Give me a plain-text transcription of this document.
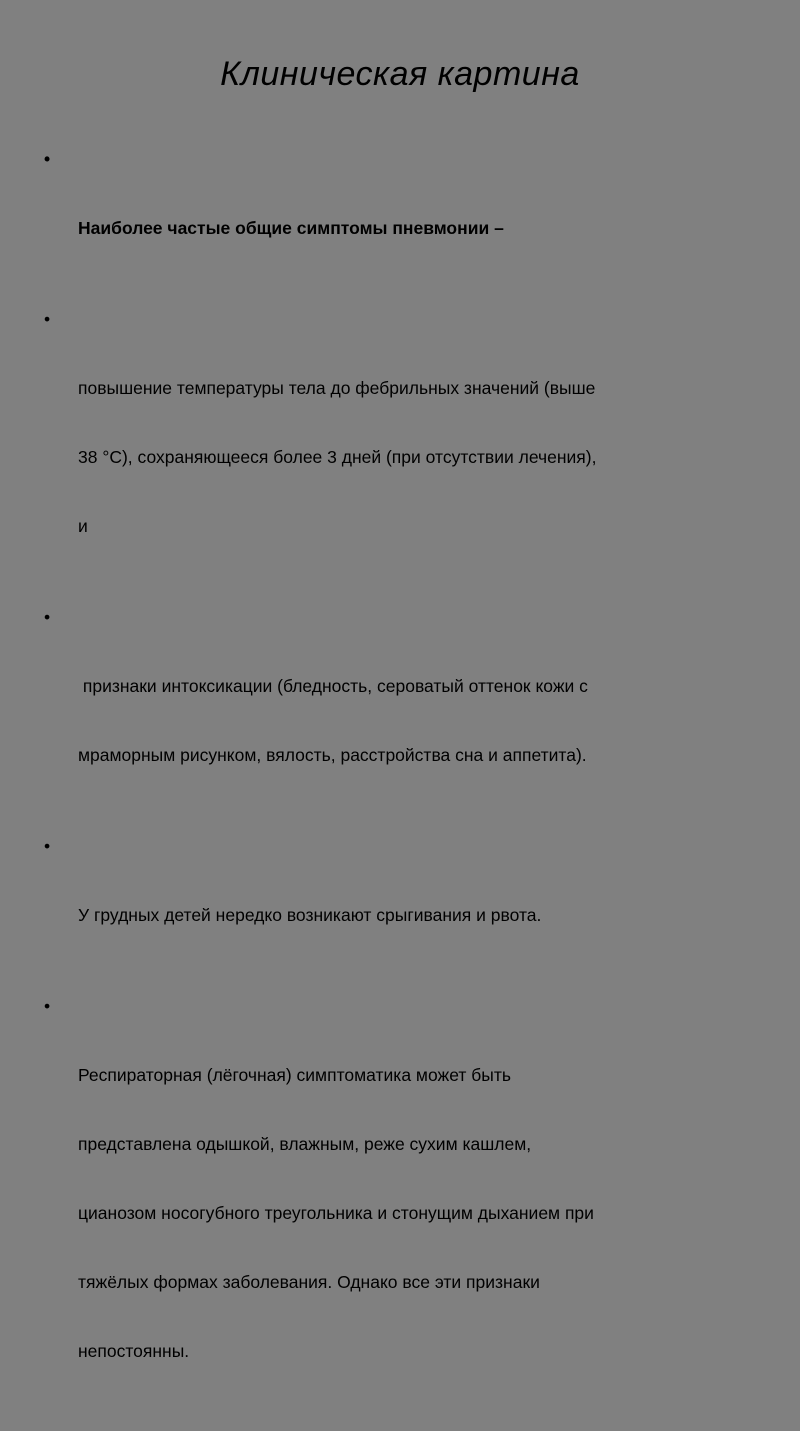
Клиническая картина

•

Наиболее частые общие симптомы пневмонии –

•

повышение температуры тела до фебрильных значений (выше

38 °С), сохраняющееся более 3 дней (при отсутствии лечения),

и

•

признаки интоксикации (бледность, сероватый оттенок кожи с

мраморным рисунком, вялость, расстройства сна и аппетита).

•

У грудных детей нередко возникают срыгивания и рвота.

•

Респираторная (лёгочная) симптоматика может быть

представлена одышкой, влажным, реже сухим кашлем,

цианозом носогубного треугольника и стонущим дыханием при

тяжёлых формах заболевания. Однако все эти признаки

непостоянны.
